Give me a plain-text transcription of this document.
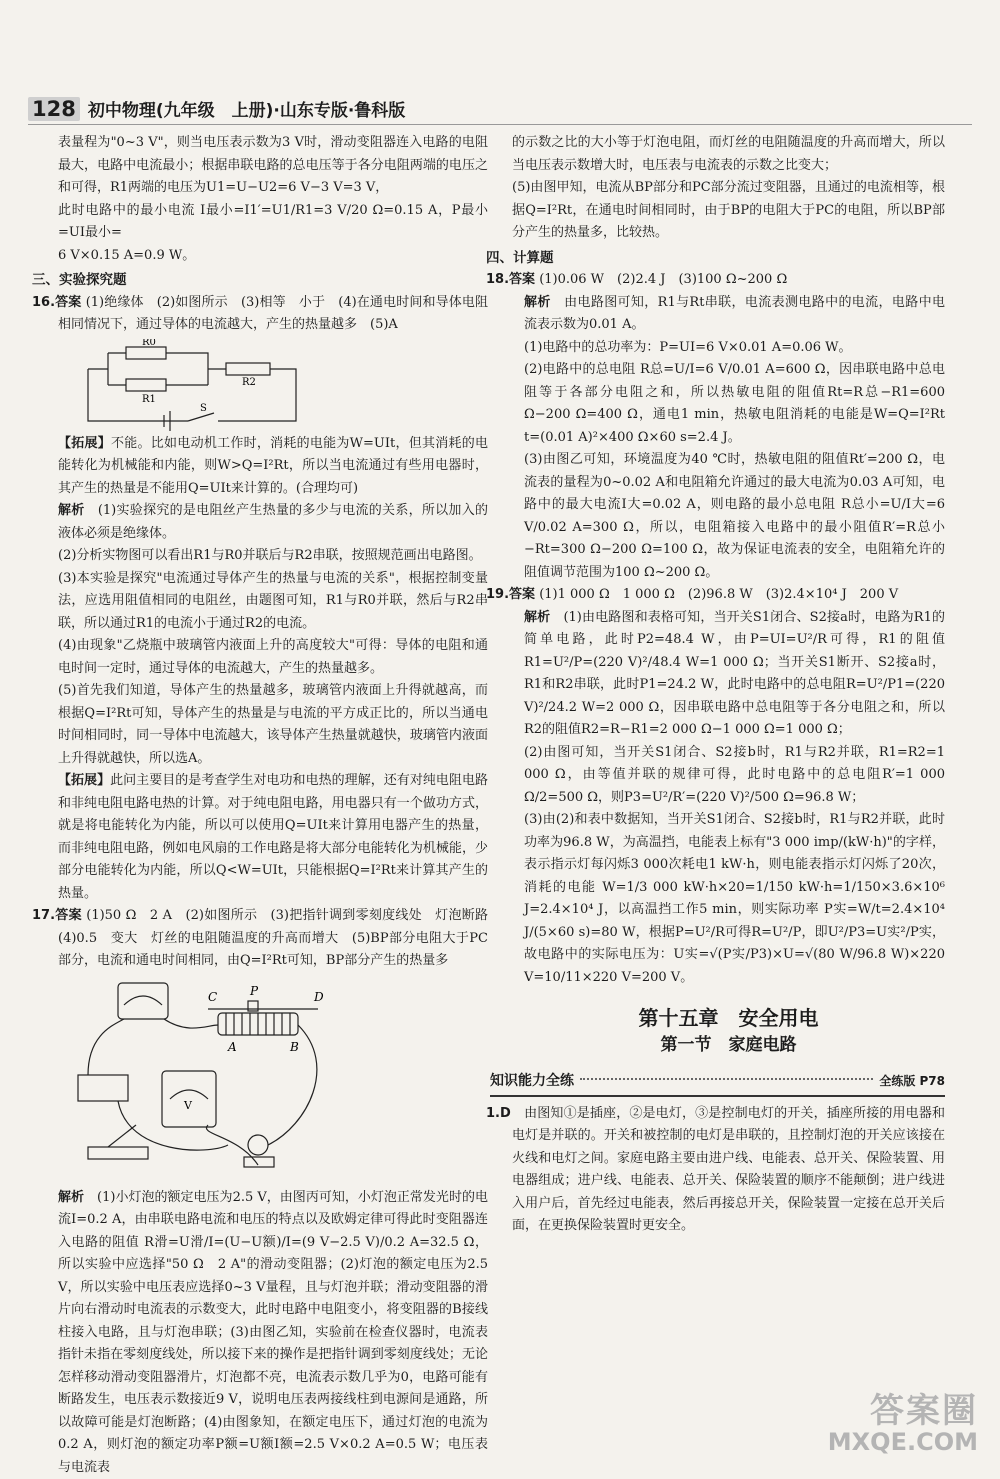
128 初中物理(九年级　上册)·山东专版·鲁科版

表量程为"0~3 V"，则当电压表示数为3 V时，滑动变阻器连入电路的电阻最大，电路中电流最小；根据串联电路的总电压等于各分电阻两端的电压之和可得，R1两端的电压为U1=U−U2=6 V−3 V=3 V，

此时电路中的最小电流 I最小=I1′=U1/R1=3 V/20 Ω=0.15 A，P最小=UI最小=

6 V×0.15 A=0.9 W。

三、实验探究题

16.答案 (1)绝缘体　(2)如图所示　(3)相等　小于　(4)在通电时间和导体电阻相同情况下，通过导体的电流越大，产生的热量越多　(5)A

R0
R1
R2
S

【拓展】不能。比如电动机工作时，消耗的电能为W=UIt，但其消耗的电能转化为机械能和内能，则W>Q=I²Rt，所以当电流通过有些用电器时，其产生的热量是不能用Q=UIt来计算的。(合理均可)

解析　 (1)实验探究的是电阻丝产生热量的多少与电流的关系，所以加入的液体必须是绝缘体。

(2)分析实物图可以看出R1与R0并联后与R2串联，按照规范画出电路图。

(3)本实验是探究"电流通过导体产生的热量与电流的关系"，根据控制变量法，应选用阻值相同的电阻丝，由题图可知，R1与R0并联，然后与R2串联，所以通过R1的电流小于通过R2的电流。

(4)由现象"乙烧瓶中玻璃管内液面上升的高度较大"可得：导体的电阻和通电时间一定时，通过导体的电流越大，产生的热量越多。

(5)首先我们知道，导体产生的热量越多，玻璃管内液面上升得就越高，而根据Q=I²Rt可知，导体产生的热量是与电流的平方成正比的，所以当通电时间相同时，同一导体中电流越大，该导体产生热量就越快，玻璃管内液面上升得就越快，所以选A。

【拓展】此问主要目的是考查学生对电功和电热的理解，还有对纯电阻电路和非纯电阻电路电热的计算。对于纯电阻电路，用电器只有一个做功方式，就是将电能转化为内能，所以可以使用Q=UIt来计算用电器产生的热量，而非纯电阻电路，例如电风扇的工作电路是将大部分电能转化为机械能，少部分电能转化为内能，所以Q<W=UIt，只能根据Q=I²Rt来计算其产生的热量。

17.答案 (1)50 Ω　2 A　(2)如图所示　(3)把指针调到零刻度线处　灯泡断路　(4)0.5　变大　灯丝的电阻随温度的升高而增大　(5)BP部分电阻大于PC部分，电流和通电时间相同，由Q=I²Rt可知，BP部分产生的热量多

C	P	D
A	B
V

解析　 (1)小灯泡的额定电压为2.5 V，由图丙可知，小灯泡正常发光时的电流I=0.2 A，由串联电路电流和电压的特点以及欧姆定律可得此时变阻器连入电路的阻值 R滑=U滑/I=(U−U额)/I=(9 V−2.5 V)/0.2 A=32.5 Ω，所以实验中应选择"50 Ω　2 A"的滑动变阻器；(2)灯泡的额定电压为2.5 V，所以实验中电压表应选择0~3 V量程，且与灯泡并联；滑动变阻器的滑片向右滑动时电流表的示数变大，此时电路中电阻变小，将变阻器的B接线柱接入电路，且与灯泡串联；(3)由图乙知，实验前在检查仪器时，电流表指针未指在零刻度线处，所以接下来的操作是把指针调到零刻度线处；无论怎样移动滑动变阻器滑片，灯泡都不亮，电流表示数几乎为0，电路可能有断路发生，电压表示数接近9 V，说明电压表两接线柱到电源间是通路，所以故障可能是灯泡断路；(4)由图象知，在额定电压下，通过灯泡的电流为0.2 A，则灯泡的额定功率P额=U额I额=2.5 V×0.2 A=0.5 W；电压表与电流表

的示数之比的大小等于灯泡电阻，而灯丝的电阻随温度的升高而增大，所以当电压表示数增大时，电压表与电流表的示数之比变大；

(5)由图甲知，电流从BP部分和PC部分流过变阻器，且通过的电流相等，根据Q=I²Rt，在通电时间相同时，由于BP的电阻大于PC的电阻，所以BP部分产生的热量多，比较热。

四、计算题

18.答案 (1)0.06 W　(2)2.4 J　(3)100 Ω~200 Ω

解析　 由电路图可知，R1与Rt串联，电流表测电路中的电流，电路中电流表示数为0.01 A。

(1)电路中的总功率为：P=UI=6 V×0.01 A=0.06 W。

(2)电路中的总电阻 R总=U/I=6 V/0.01 A=600 Ω，因串联电路中总电阻等于各部分电阻之和，所以热敏电阻的阻值Rt=R总−R1=600 Ω−200 Ω=400 Ω，通电1 min，热敏电阻消耗的电能是W=Q=I²Rt t=(0.01 A)²×400 Ω×60 s=2.4 J。

(3)由图乙可知，环境温度为40 ℃时，热敏电阻的阻值Rt′=200 Ω，电流表的量程为0~0.02 A和电阻箱允许通过的最大电流为0.03 A可知，电路中的最大电流I大=0.02 A，则电路的最小总电阻 R总小=U/I大=6 V/0.02 A=300 Ω，所以，电阻箱接入电路中的最小阻值R′=R总小−Rt=300 Ω−200 Ω=100 Ω，故为保证电流表的安全，电阻箱允许的阻值调节范围为100 Ω~200 Ω。

19.答案 (1)1 000 Ω　1 000 Ω　(2)96.8 W　(3)2.4×10⁴ J　200 V

解析　 (1)由电路图和表格可知，当开关S1闭合、S2接a时，电路为R1的简单电路，此时P2=48.4 W，由P=UI=U²/R可得，R1的阻值R1=U²/P=(220 V)²/48.4 W=1 000 Ω；当开关S1断开、S2接a时，R1和R2串联，此时P1=24.2 W，此时电路中的总电阻R=U²/P1=(220 V)²/24.2 W=2 000 Ω，因串联电路中总电阻等于各分电阻之和，所以R2的阻值R2=R−R1=2 000 Ω−1 000 Ω=1 000 Ω；

(2)由图可知，当开关S1闭合、S2接b时，R1与R2并联，R1=R2=1 000 Ω，由等值并联的规律可得，此时电路中的总电阻R′=1 000 Ω/2=500 Ω，则P3=U²/R′=(220 V)²/500 Ω=96.8 W；

(3)由(2)和表中数据知，当开关S1闭合、S2接b时，R1与R2并联，此时功率为96.8 W，为高温挡，电能表上标有"3 000 imp/(kW·h)"的字样，表示指示灯每闪烁3 000次耗电1 kW·h，则电能表指示灯闪烁了20次，消耗的电能 W=1/3 000 kW·h×20=1/150 kW·h=1/150×3.6×10⁶ J=2.4×10⁴ J，以高温挡工作5 min，则实际功率 P实=W/t=2.4×10⁴ J/(5×60 s)=80 W，根据P=U²/R可得R=U²/P，即U²/P3=U实²/P实，故电路中的实际电压为：U实=√(P实/P3)×U=√(80 W/96.8 W)×220 V=10/11×220 V=200 V。

第十五章　安全用电
第一节　家庭电路
知识能力全练	全练版 P78

1.D　 由图知①是插座，②是电灯，③是控制电灯的开关，插座所接的用电器和电灯是并联的。开关和被控制的电灯是串联的，且控制灯泡的开关应该接在火线和电灯之间。家庭电路主要由进户线、电能表、总开关、保险装置、用电器组成；进户线、电能表、总开关、保险装置的顺序不能颠倒；进户线进入用户后，首先经过电能表，然后再接总开关，保险装置一定接在总开关后面，在更换保险装置时更安全。

答案圈
MXQE.COM
